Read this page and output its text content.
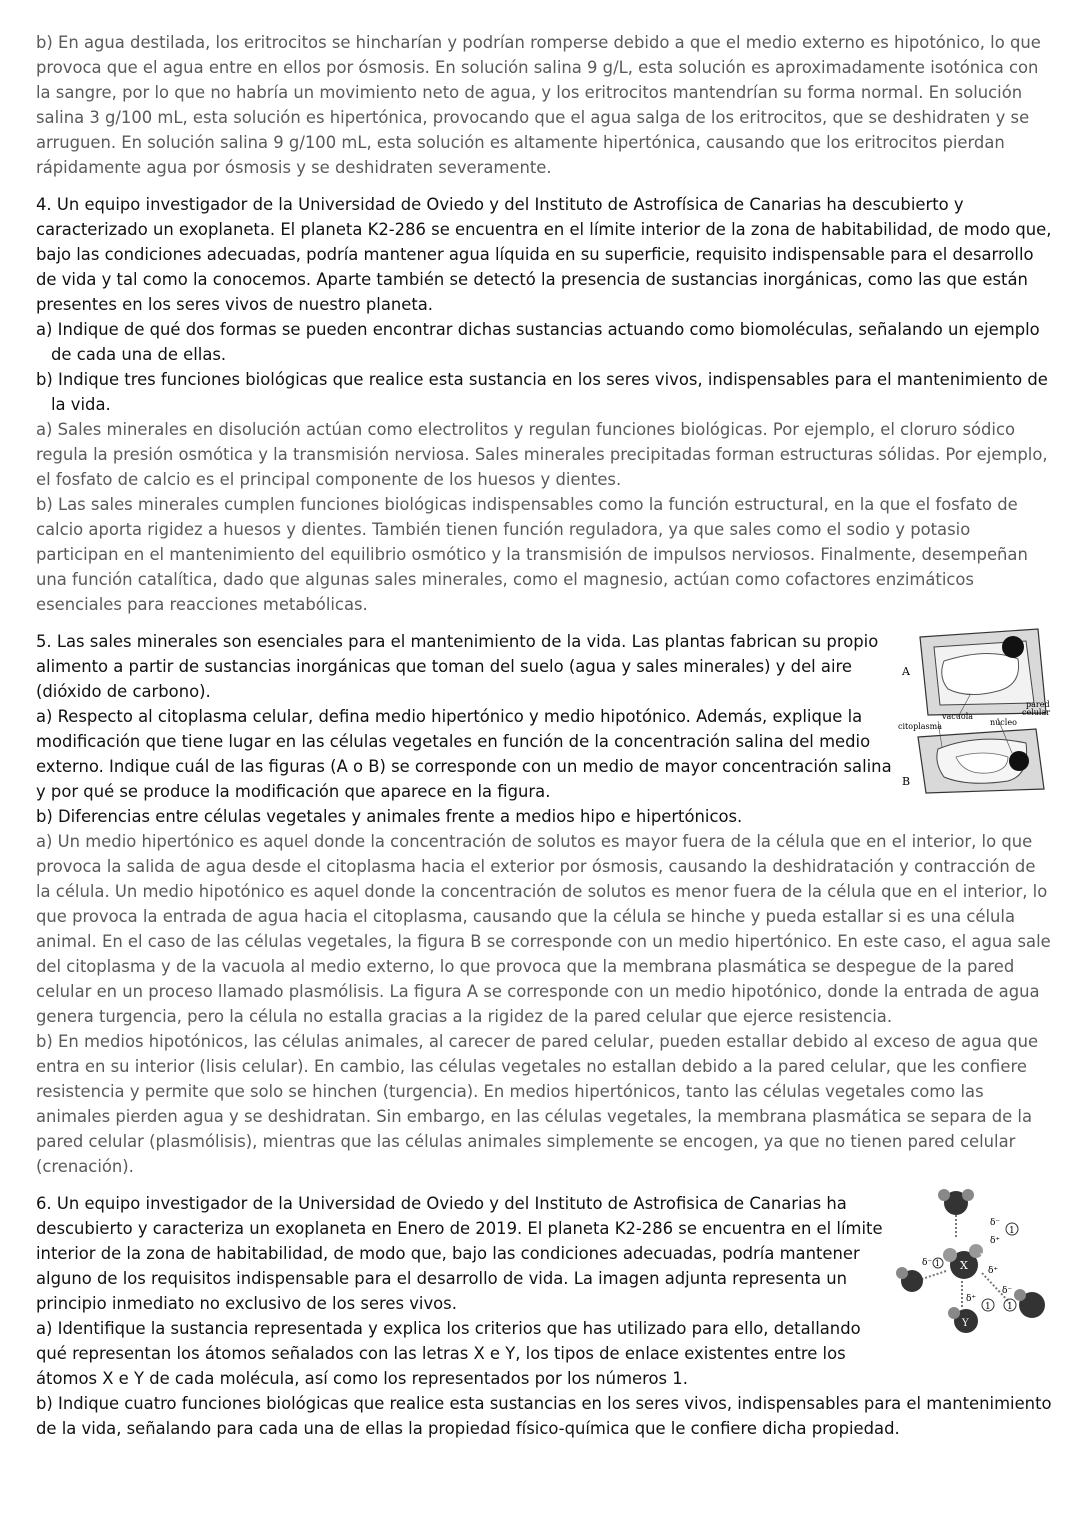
b) En agua destilada, los eritrocitos se hincharían y podrían romperse debido a que el medio externo es hipotónico, lo que provoca que el agua entre en ellos por ósmosis. En solución salina 9 g/L, esta solución es aproximadamente isotónica con la sangre, por lo que no habría un movimiento neto de agua, y los eritrocitos mantendrían su forma normal. En solución salina 3 g/100 mL, esta solución es hipertónica, provocando que el agua salga de los eritrocitos, que se deshidraten y se arruguen. En solución salina 9 g/100 mL, esta solución es altamente hipertónica, causando que los eritrocitos pierdan rápidamente agua por ósmosis y se deshidraten severamente.

4. Un equipo investigador de la Universidad de Oviedo y del Instituto de Astrofísica de Canarias ha descubierto y caracterizado un exoplaneta. El planeta K2-286 se encuentra en el límite interior de la zona de habitabilidad, de modo que, bajo las condiciones adecuadas, podría mantener agua líquida en su superficie, requisito indispensable para el desarrollo de vida y tal como la conocemos. Aparte también se detectó la presencia de sustancias inorgánicas, como las que están presentes en los seres vivos de nuestro planeta.

a) Indique de qué dos formas se pueden encontrar dichas sustancias actuando como biomoléculas, señalando un ejemplo de cada una de ellas.

b) Indique tres funciones biológicas que realice esta sustancia en los seres vivos, indispensables para el mantenimiento de la vida.

a) Sales minerales en disolución actúan como electrolitos y regulan funciones biológicas. Por ejemplo, el cloruro sódico regula la presión osmótica y la transmisión nerviosa. Sales minerales precipitadas forman estructuras sólidas. Por ejemplo, el fosfato de calcio es el principal componente de los huesos y dientes.

b) Las sales minerales cumplen funciones biológicas indispensables como la función estructural, en la que el fosfato de calcio aporta rigidez a huesos y dientes. También tienen función reguladora, ya que sales como el sodio y potasio participan en el mantenimiento del equilibrio osmótico y la transmisión de impulsos nerviosos. Finalmente, desempeñan una función catalítica, dado que algunas sales minerales, como el magnesio, actúan como cofactores enzimáticos esenciales para reacciones metabólicas.

5. Las sales minerales son esenciales para el mantenimiento de la vida. Las plantas fabrican su propio alimento a partir de sustancias inorgánicas que toman del suelo (agua y sales minerales) y del aire (dióxido de carbono).

a) Respecto al citoplasma celular, defina medio hipertónico y medio hipotónico. Además, explique la modificación que tiene lugar en las células vegetales en función de la concentración salina del medio externo. Indique cuál de las figuras (A o B) se corresponde con un medio de mayor concentración salina y por qué se produce la modificación que aparece en la figura.

A
B
vacuola
citoplasma	núcleo
pared
celular

b) Diferencias entre células vegetales y animales frente a medios hipo e hipertónicos.

a) Un medio hipertónico es aquel donde la concentración de solutos es mayor fuera de la célula que en el interior, lo que provoca la salida de agua desde el citoplasma hacia el exterior por ósmosis, causando la deshidratación y contracción de la célula. Un medio hipotónico es aquel donde la concentración de solutos es menor fuera de la célula que en el interior, lo que provoca la entrada de agua hacia el citoplasma, causando que la célula se hinche y pueda estallar si es una célula animal. En el caso de las células vegetales, la figura B se corresponde con un medio hipertónico. En este caso, el agua sale del citoplasma y de la vacuola al medio externo, lo que provoca que la membrana plasmática se despegue de la pared celular en un proceso llamado plasmólisis. La figura A se corresponde con un medio hipotónico, donde la entrada de agua genera turgencia, pero la célula no estalla gracias a la rigidez de la pared celular que ejerce resistencia.

b) En medios hipotónicos, las células animales, al carecer de pared celular, pueden estallar debido al exceso de agua que entra en su interior (lisis celular). En cambio, las células vegetales no estallan debido a la pared celular, que les confiere resistencia y permite que solo se hinchen (turgencia). En medios hipertónicos, tanto las células vegetales como las animales pierden agua y se deshidratan. Sin embargo, en las células vegetales, la membrana plasmática se separa de la pared celular (plasmólisis), mientras que las células animales simplemente se encogen, ya que no tienen pared celular (crenación).

6. Un equipo investigador de la Universidad de Oviedo y del Instituto de Astrofisica de Canarias ha descubierto y caracteriza un exoplaneta en Enero de 2019. El planeta K2-286 se encuentra en el límite interior de la zona de habitabilidad, de modo que, bajo las condiciones adecuadas, podría mantener alguno de los requisitos indispensable para el desarrollo de vida. La imagen adjunta representa un principio inmediato no exclusivo de los seres vivos.

a) Identifique la sustancia representada y explica los criterios que has utilizado para ello, detallando qué representan los átomos señalados con las letras X e Y, los tipos de enlace existentes entre los átomos X e Y de cada molécula, así como los representados por los números 1.

X
Y
Y
1
1 1
1
δ⁻
δ⁺
δ⁻
δ⁺
δ⁻
δ⁺

b) Indique cuatro funciones biológicas que realice esta sustancias en los seres vivos, indispensables para el mantenimiento de la vida, señalando para cada una de ellas la propiedad físico-química que le confiere dicha propiedad.
